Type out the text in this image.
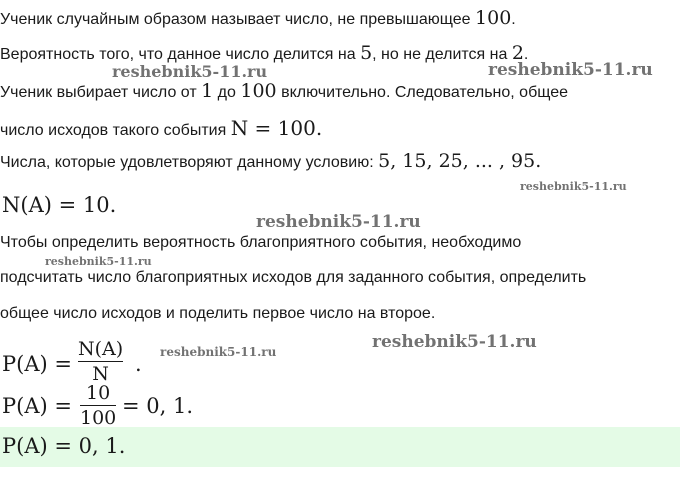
Ученик случайным образом называет число, не превышающее 100.
Вероятность того, что данное число делится на 5, но не делится на 2.
Ученик выбирает число от 1 до 100 включительно. Следовательно, общее
число исходов такого события N = 100.
Числа, которые удовлетворяют данному условию: 5, 15, 25, ... , 95.
N(A) = 10.
Чтобы определить вероятность благоприятного события, необходимо
подсчитать число благоприятных исходов для заданного события, определить
общее число исходов и поделить первое число на второе.
P(A) =
N(A)
N	.
P(A) =
10
100 = 0, 1.
P(A) = 0, 1.
reshebnik5-11.ru	reshebnik5-11.ru
reshebnik5-11.ru
reshebnik5-11.ru
reshebnik5-11.ru
reshebnik5-11.ru	reshebnik5-11.ru
